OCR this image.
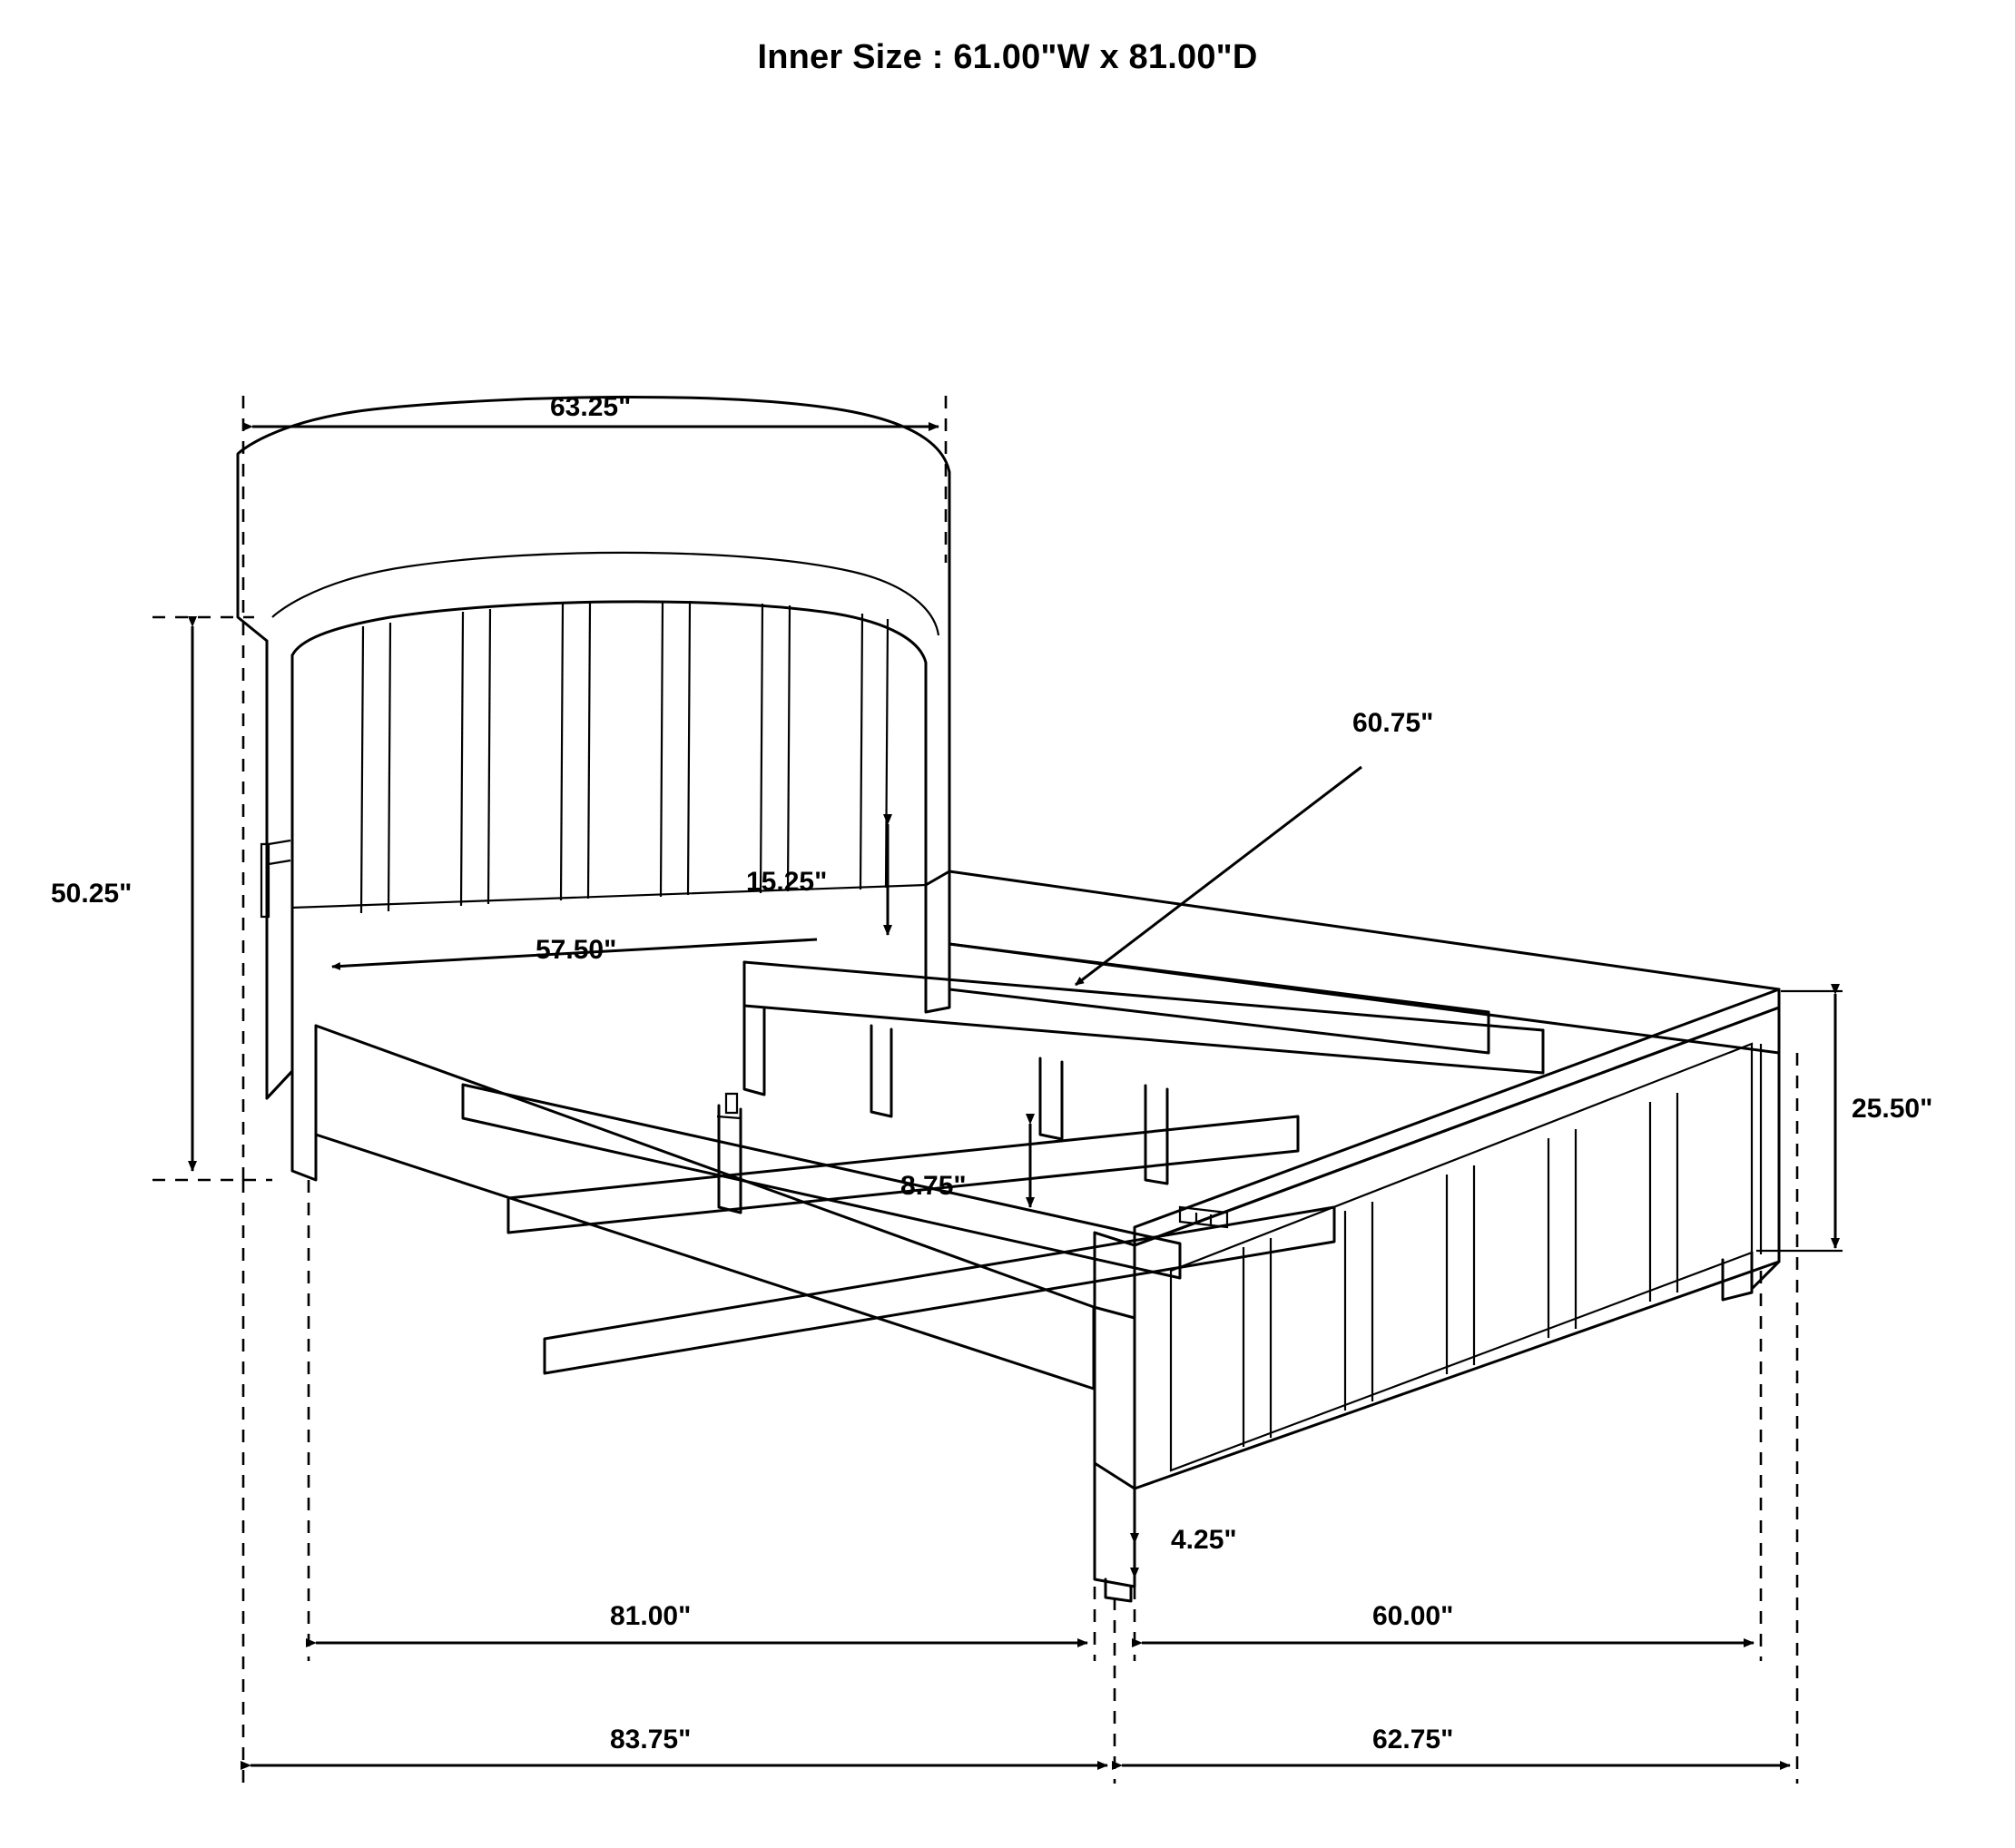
Inner Size : 61.00"W x 81.00"D
63.25"
50.25"
57.50"
15.25"
60.75"
8.75"
25.50"
4.25"
81.00"	60.00"
83.75"	62.75"
